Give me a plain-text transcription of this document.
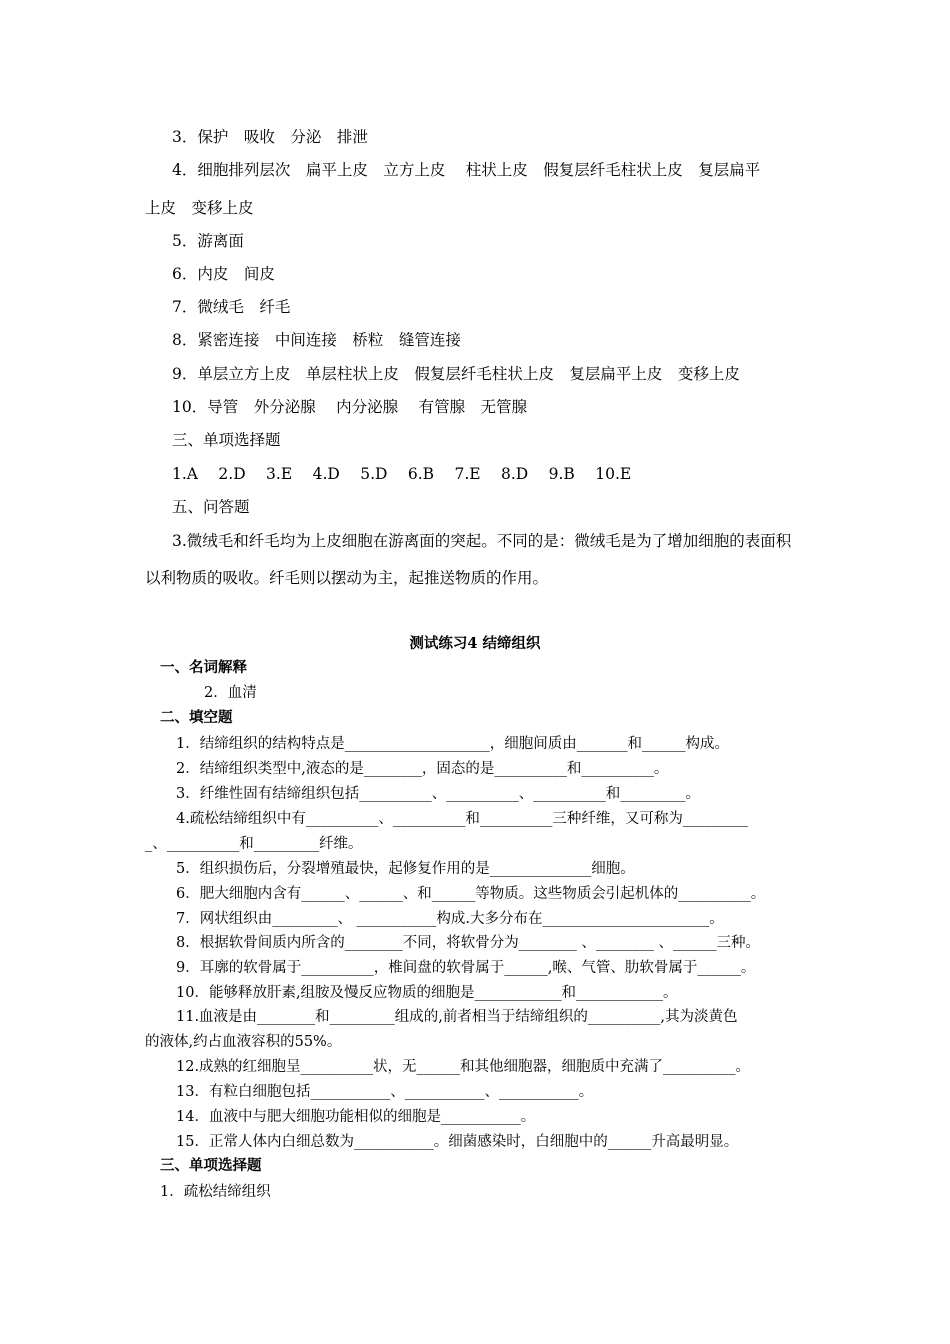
3．保护　吸收　分泌　排泄
4．细胞排列层次　扁平上皮　立方上皮　 柱状上皮　假复层纤毛柱状上皮　复层扁平
上皮　变移上皮
5．游离面
6．内皮　间皮
7．微绒毛　纤毛
8．紧密连接　中间连接　桥粒　缝管连接
9．单层立方上皮　单层柱状上皮　假复层纤毛柱状上皮　复层扁平上皮　变移上皮
10．导管　外分泌腺　 内分泌腺　 有管腺　无管腺
三、单项选择题
1.A　 2.D　 3.E　 4.D　 5.D　 6.B　 7.E　 8.D　 9.B　 10.E
五、问答题
3.微绒毛和纤毛均为上皮细胞在游离面的突起。不同的是：微绒毛是为了增加细胞的表面积
以利物质的吸收。纤毛则以摆动为主，起推送物质的作用。
测试练习4 结缔组织
一、名词解释
2．血清
二、填空题
1．结缔组织的结构特点是____________________，细胞间质由_______和______构成。
2．结缔组织类型中,液态的是________，固态的是__________和__________。
3．纤维性固有结缔组织包括__________、__________、__________和_________。
4.疏松结缔组织中有__________、__________和__________三种纤维，又可称为_________
_、__________和_________纤维。
5．组织损伤后，分裂增殖最快，起修复作用的是______________细胞。
6．肥大细胞内含有______、______、和______等物质。这些物质会引起机体的__________。
7．网状组织由_________、 ___________构成.大多分布在_______________________。
8．根据软骨间质内所含的________不同，将软骨分为________ 、________ 、______三种。
9．耳廓的软骨属于__________，椎间盘的软骨属于______,喉、气管、肋软骨属于______。
10．能够释放肝素,组胺及慢反应物质的细胞是____________和____________。
11.血液是由________和_________组成的,前者相当于结缔组织的__________,其为淡黄色
的液体,约占血液容积的55%。
12.成熟的红细胞呈__________状，无______和其他细胞器，细胞质中充满了__________。
13．有粒白细胞包括___________、___________、___________。
14．血液中与肥大细胞功能相似的细胞是___________。
15．正常人体内白细总数为___________。细菌感染时，白细胞中的______升高最明显。
三、单项选择题
1．疏松结缔组织
